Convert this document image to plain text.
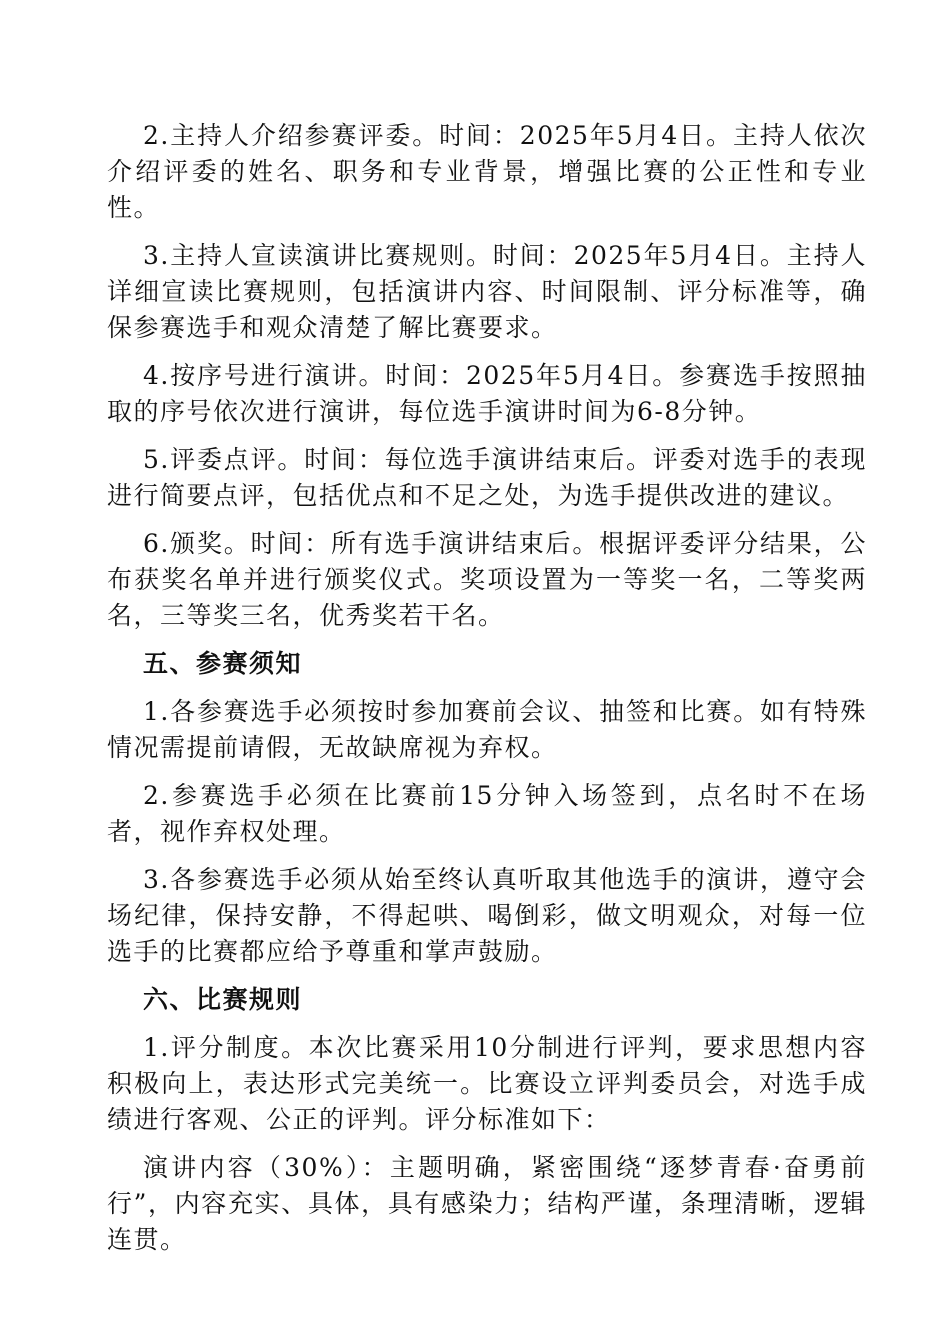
2.主持人介绍参赛评委。时间：2025年5月4日。主持人依次介绍评委的姓名、职务和专业背景，增强比赛的公正性和专业性。

3.主持人宣读演讲比赛规则。时间：2025年5月4日。主持人详细宣读比赛规则，包括演讲内容、时间限制、评分标准等，确保参赛选手和观众清楚了解比赛要求。

4.按序号进行演讲。时间：2025年5月4日。参赛选手按照抽取的序号依次进行演讲，每位选手演讲时间为6-8分钟。

5.评委点评。时间：每位选手演讲结束后。评委对选手的表现进行简要点评，包括优点和不足之处，为选手提供改进的建议。

6.颁奖。时间：所有选手演讲结束后。根据评委评分结果，公布获奖名单并进行颁奖仪式。奖项设置为一等奖一名，二等奖两名，三等奖三名，优秀奖若干名。

五、参赛须知

1.各参赛选手必须按时参加赛前会议、抽签和比赛。如有特殊情况需提前请假，无故缺席视为弃权。

2.参赛选手必须在比赛前15分钟入场签到，点名时不在场者，视作弃权处理。

3.各参赛选手必须从始至终认真听取其他选手的演讲，遵守会场纪律，保持安静，不得起哄、喝倒彩，做文明观众，对每一位选手的比赛都应给予尊重和掌声鼓励。

六、比赛规则

1.评分制度。本次比赛采用10分制进行评判，要求思想内容积极向上，表达形式完美统一。比赛设立评判委员会，对选手成绩进行客观、公正的评判。评分标准如下：

演讲内容（30%）：主题明确，紧密围绕“逐梦青春·奋勇前行”，内容充实、具体，具有感染力；结构严谨，条理清晰，逻辑连贯。
